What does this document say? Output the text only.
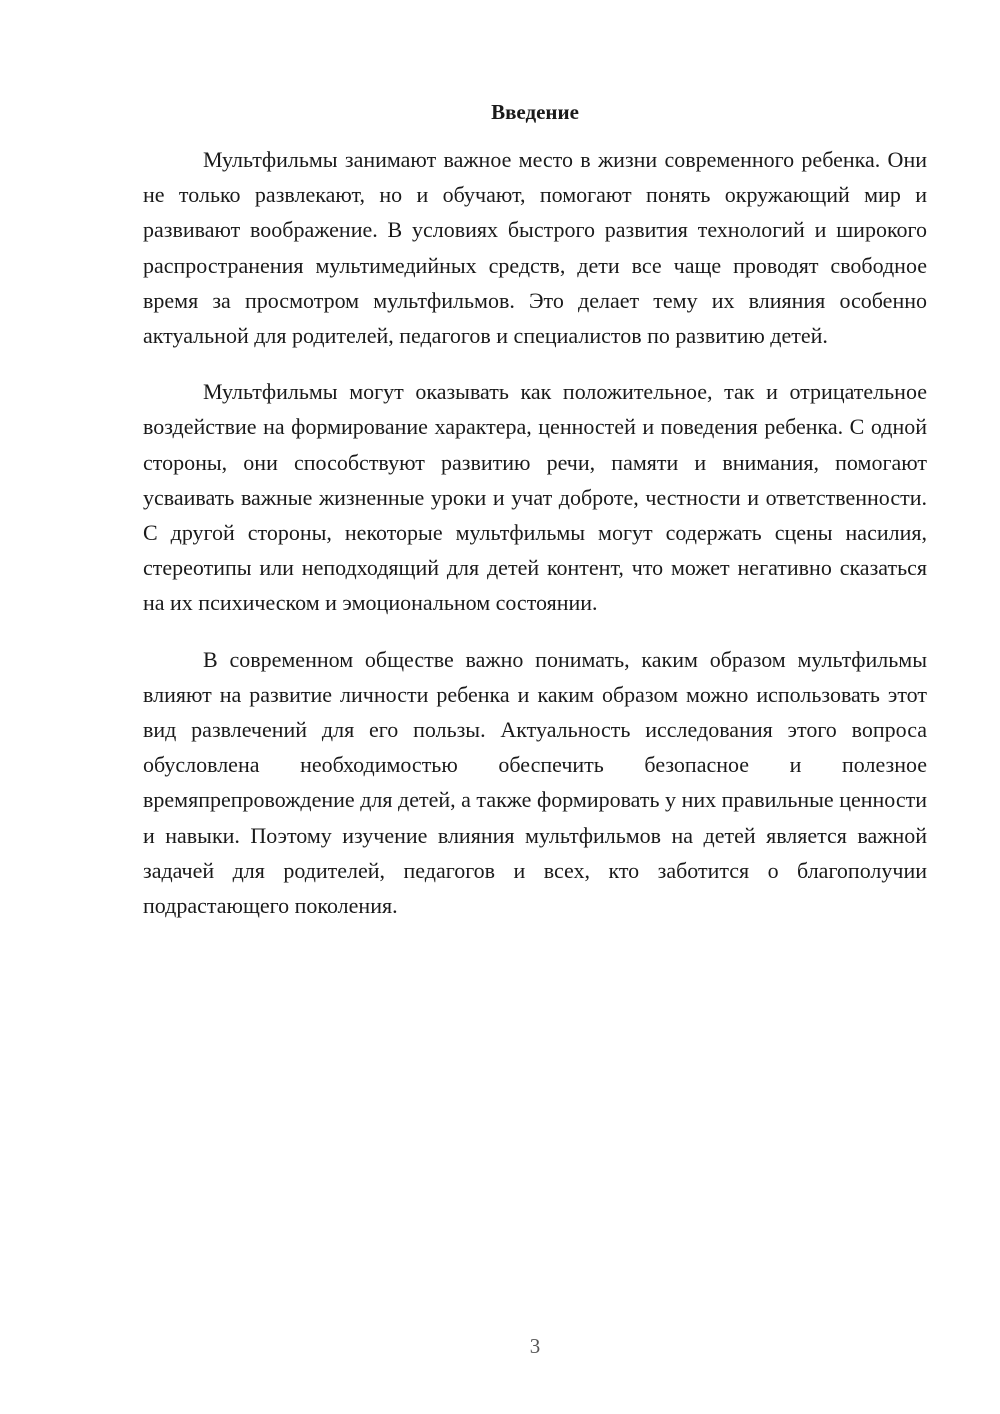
Введение

Мультфильмы занимают важное место в жизни современного ребенка. Они не только развлекают, но и обучают, помогают понять окружающий мир и развивают воображение. В условиях быстрого развития технологий и широкого распространения мультимедийных средств, дети все чаще проводят свободное время за просмотром мультфильмов. Это делает тему их влияния особенно актуальной для родителей, педагогов и специалистов по развитию детей.

Мультфильмы могут оказывать как положительное, так и отрицательное воздействие на формирование характера, ценностей и поведения ребенка. С одной стороны, они способствуют развитию речи, памяти и внимания, помогают усваивать важные жизненные уроки и учат доброте, честности и ответственности. С другой стороны, некоторые мультфильмы могут содержать сцены насилия, стереотипы или неподходящий для детей контент, что может негативно сказаться на их психическом и эмоциональном состоянии.

В современном обществе важно понимать, каким образом мультфильмы влияют на развитие личности ребенка и каким образом можно использовать этот вид развлечений для его пользы. Актуальность исследования этого вопроса обусловлена необходимостью обеспечить безопасное и полезное времяпрепровождение для детей, а также формировать у них правильные ценности и навыки. Поэтому изучение влияния мультфильмов на детей является важной задачей для родителей, педагогов и всех, кто заботится о благополучии подрастающего поколения.

3
